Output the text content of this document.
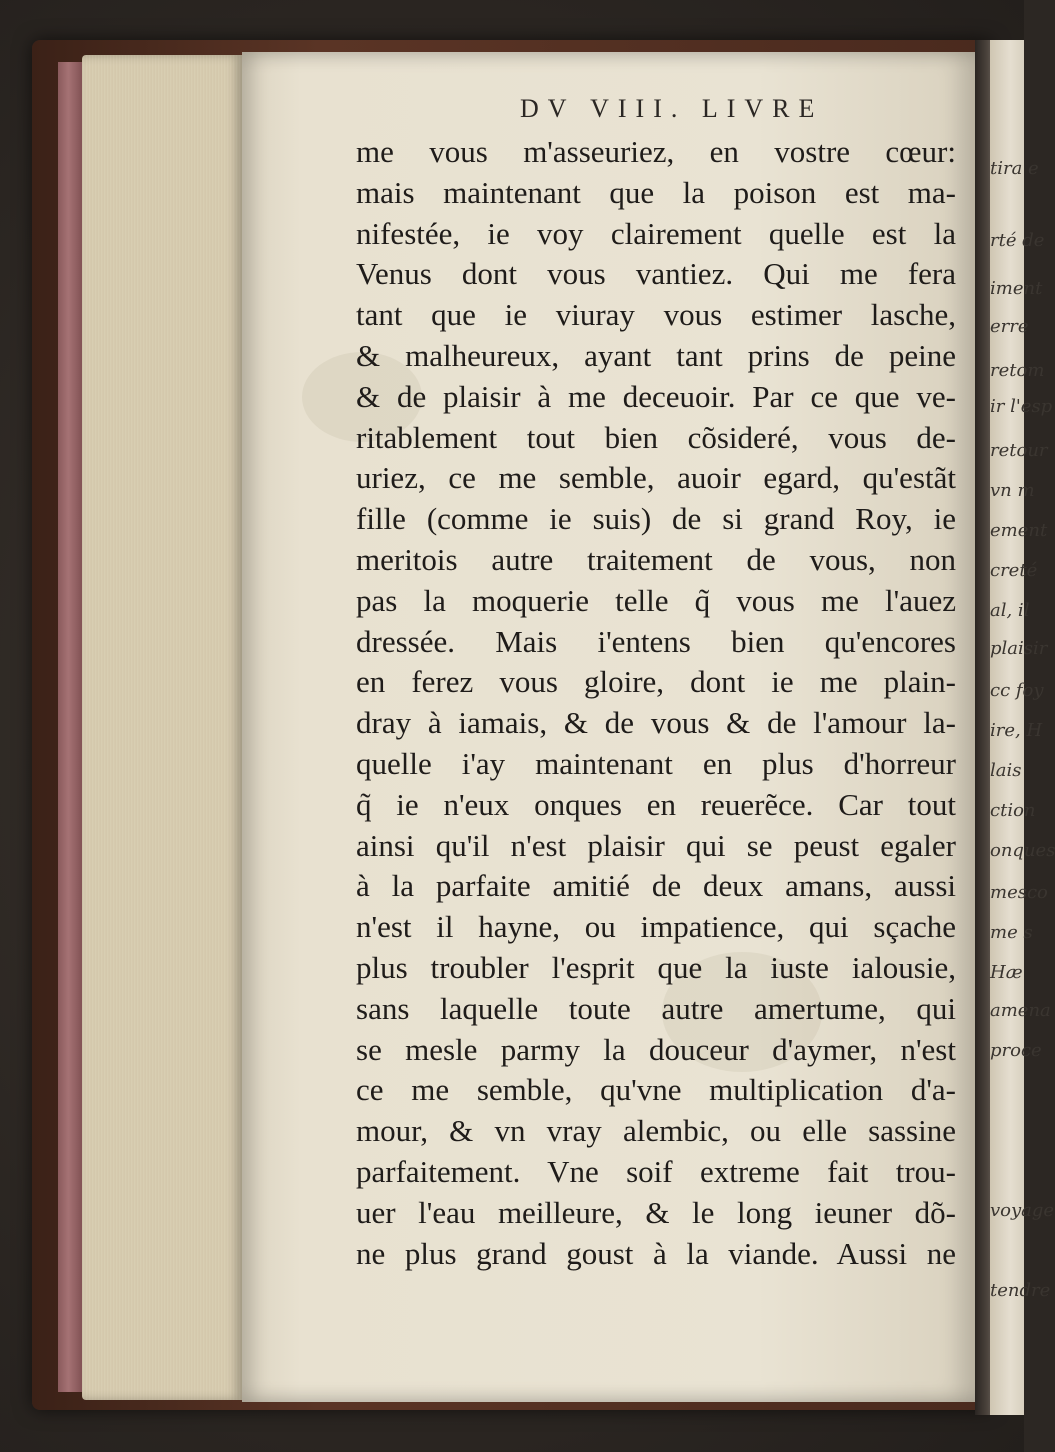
DV VIII. LIVRE
me vous m'asseuriez, en vostre cœur:
mais maintenant que la poison est ma-
nifestée, ie voy clairement quelle est la
Venus dont vous vantiez. Qui me fera
tant que ie viuray vous estimer lasche,
& malheureux, ayant tant prins de peine
& de plaisir à me deceuoir. Par ce que ve-
ritablement tout bien cõsideré, vous de-
uriez, ce me semble, auoir egard, qu'estãt
fille (comme ie suis) de si grand Roy, ie
meritois autre traitement de vous, non
pas la moquerie telle q̃ vous me l'auez
dressée. Mais i'entens bien qu'encores
en ferez vous gloire, dont ie me plain-
dray à iamais, & de vous & de l'amour la-
quelle i'ay maintenant en plus d'horreur
q̃ ie n'eux onques en reuerẽce. Car tout
ainsi qu'il n'est plaisir qui se peust egaler
à la parfaite amitié de deux amans, aussi
n'est il hayne, ou impatience, qui sçache
plus troubler l'esprit que la iuste ialousie,
sans laquelle toute autre amertume, qui
se mesle parmy la douceur d'aymer, n'est
ce me semble, qu'vne multiplication d'a-
mour, & vn vray alembic, ou elle sassine
parfaitement. Vne soif extreme fait trou-
uer l'eau meilleure, & le long ieuner dõ-
ne plus grand goust à la viande. Aussi ne
tira e
rté de
iment
erre
retom
ir l'esp
retour
vn m
ement
creté
al, il
plaisir
cc foy
ire, H
lais
ction
onques
mesco
me s
Hæ
amena
proce
voyage
tendre
